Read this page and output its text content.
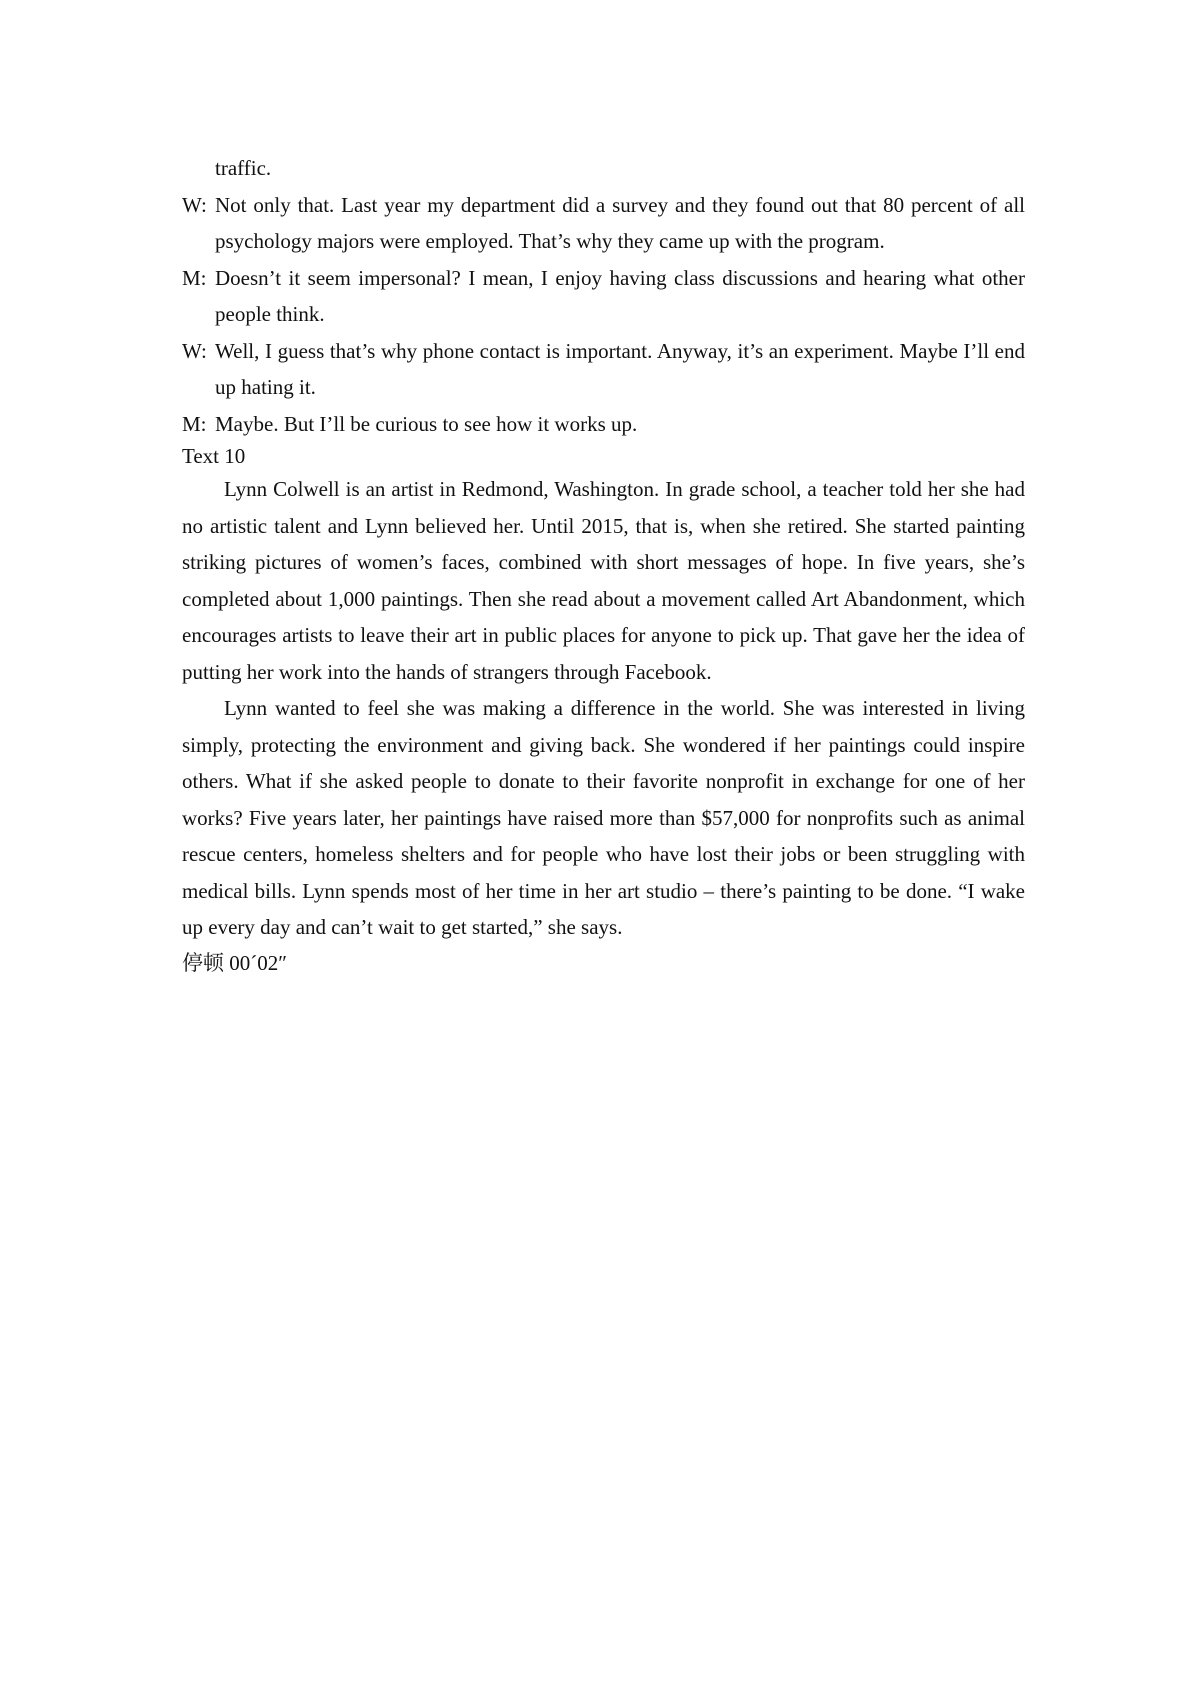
traffic.
W: Not only that. Last year my department did a survey and they found out that 80 percent of all psychology majors were employed. That’s why they came up with the program.
M: Doesn’t it seem impersonal? I mean, I enjoy having class discussions and hearing what other people think.
W: Well, I guess that’s why phone contact is important. Anyway, it’s an experiment. Maybe I’ll end up hating it.
M: Maybe. But I’ll be curious to see how it works up.

Text 10

Lynn Colwell is an artist in Redmond, Washington. In grade school, a teacher told her she had no artistic talent and Lynn believed her. Until 2015, that is, when she retired. She started painting striking pictures of women’s faces, combined with short messages of hope. In five years, she’s completed about 1,000 paintings. Then she read about a movement called Art Abandonment, which encourages artists to leave their art in public places for anyone to pick up. That gave her the idea of putting her work into the hands of strangers through Facebook.

Lynn wanted to feel she was making a difference in the world. She was interested in living simply, protecting the environment and giving back. She wondered if her paintings could inspire others. What if she asked people to donate to their favorite nonprofit in exchange for one of her works? Five years later, her paintings have raised more than $57,000 for nonprofits such as animal rescue centers, homeless shelters and for people who have lost their jobs or been struggling with medical bills. Lynn spends most of her time in her art studio – there’s painting to be done. “I wake up every day and can’t wait to get started,” she says.

停顿 00´02″
